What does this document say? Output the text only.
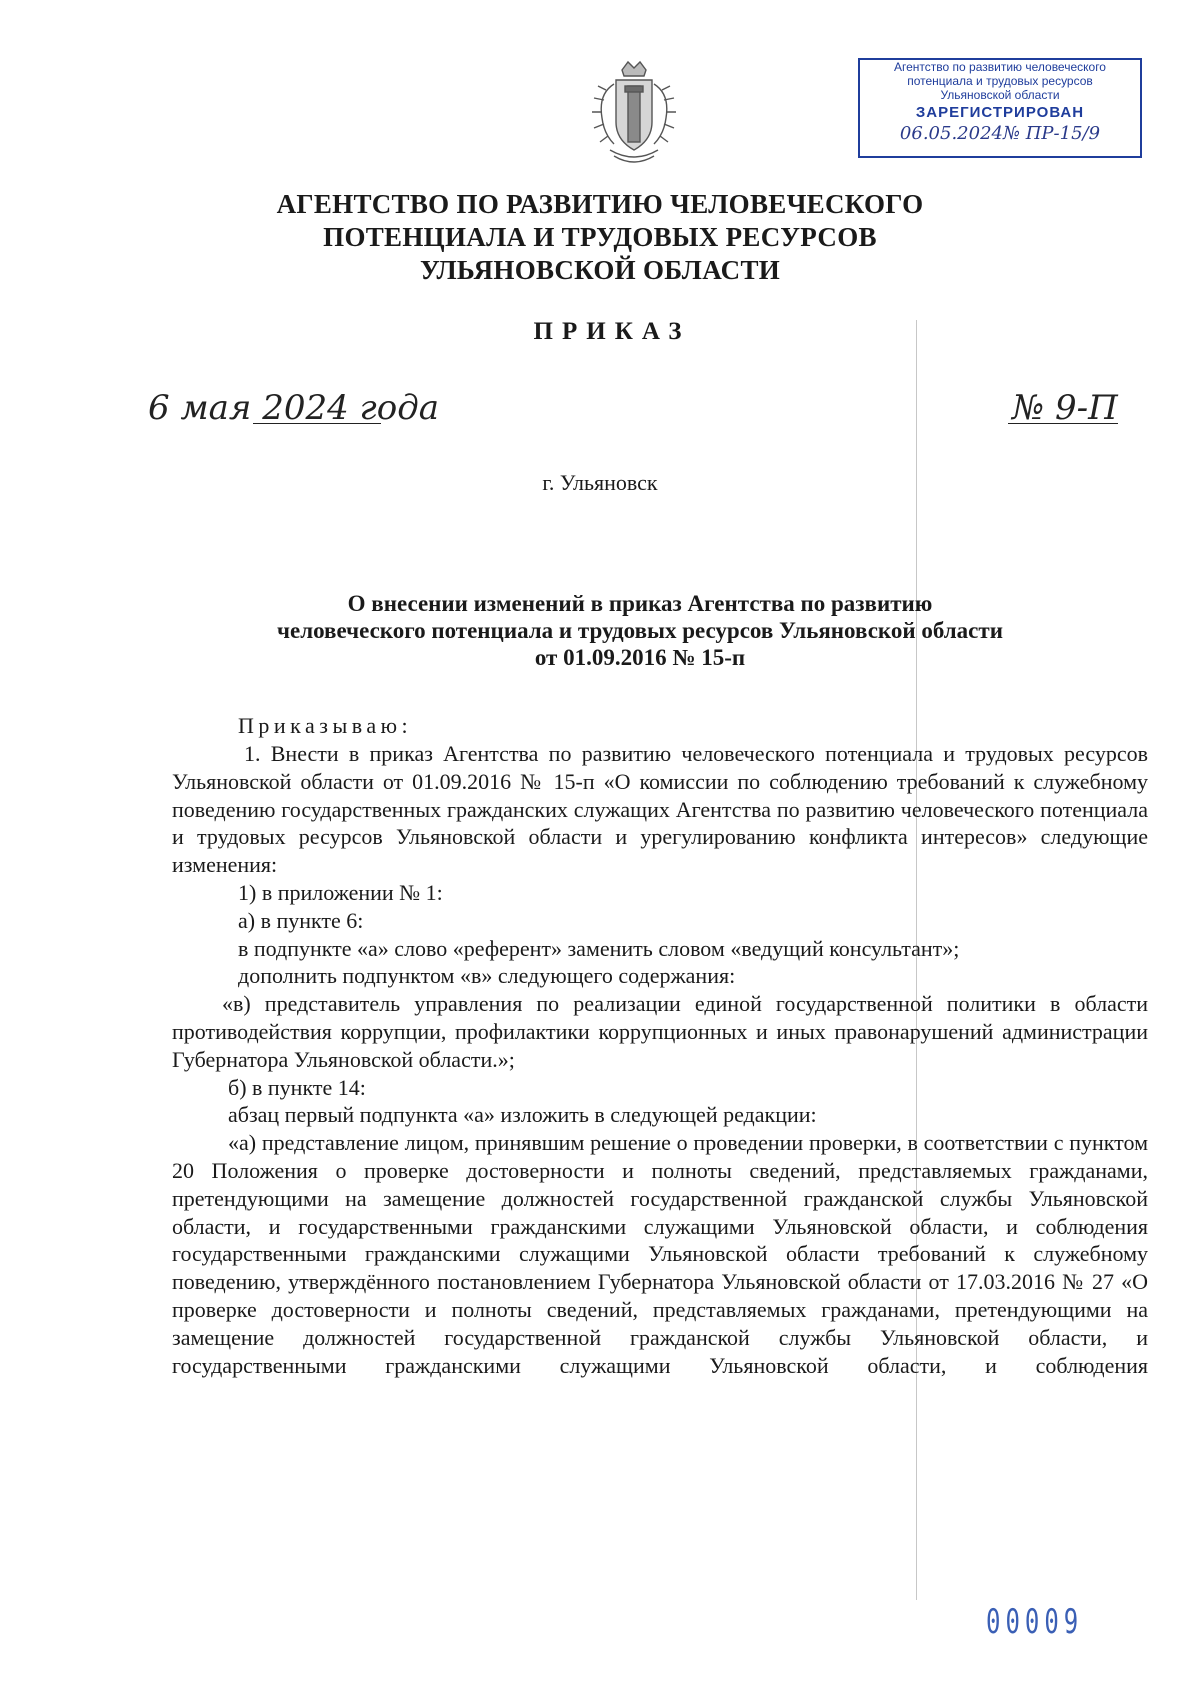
Агентство по развитию человеческого
потенциала и трудовых ресурсов
Ульяновской области
ЗАРЕГИСТРИРОВАН
06.05.2024№ ПР-15/9
АГЕНТСТВО ПО РАЗВИТИЮ ЧЕЛОВЕЧЕСКОГО
ПОТЕНЦИАЛА И ТРУДОВЫХ РЕСУРСОВ
УЛЬЯНОВСКОЙ ОБЛАСТИ
ПРИКАЗ
6 мая 2024 года	№ 9-П
г. Ульяновск
О внесении изменений в приказ Агентства по развитию
человеческого потенциала и трудовых ресурсов Ульяновской области
от 01.09.2016 № 15-п
Приказываю:

1. Внести в приказ Агентства по развитию человеческого потенциала и трудовых ресурсов Ульяновской области от 01.09.2016 № 15-п «О комиссии по соблюдению требований к служебному поведению государственных гражданских служащих Агентства по развитию человеческого потенциала и трудовых ресурсов Ульяновской области и урегулированию конфликта интересов» следующие изменения:

1) в приложении № 1:

а) в пункте 6:

в подпункте «а» слово «референт» заменить словом «ведущий консультант»;

дополнить подпунктом «в» следующего содержания:

«в) представитель управления по реализации единой государственной политики в области противодействия коррупции, профилактики коррупционных и иных правонарушений администрации Губернатора Ульяновской области.»;

б) в пункте 14:

абзац первый подпункта «а» изложить в следующей редакции:

«а) представление лицом, принявшим решение о проведении проверки, в соответствии с пунктом 20 Положения о проверке достоверности и полноты сведений, представляемых гражданами, претендующими на замещение должностей государственной гражданской службы Ульяновской области, и государственными гражданскими служащими Ульяновской области, и соблюдения государственными гражданскими служащими Ульяновской области требований к служебному поведению, утверждённого постановлением Губернатора Ульяновской области от 17.03.2016 № 27 «О проверке достоверности и полноты сведений, представляемых гражданами, претендующими на замещение должностей государственной гражданской службы Ульяновской области, и государственными гражданскими служащими Ульяновской области, и соблюдения

00009
